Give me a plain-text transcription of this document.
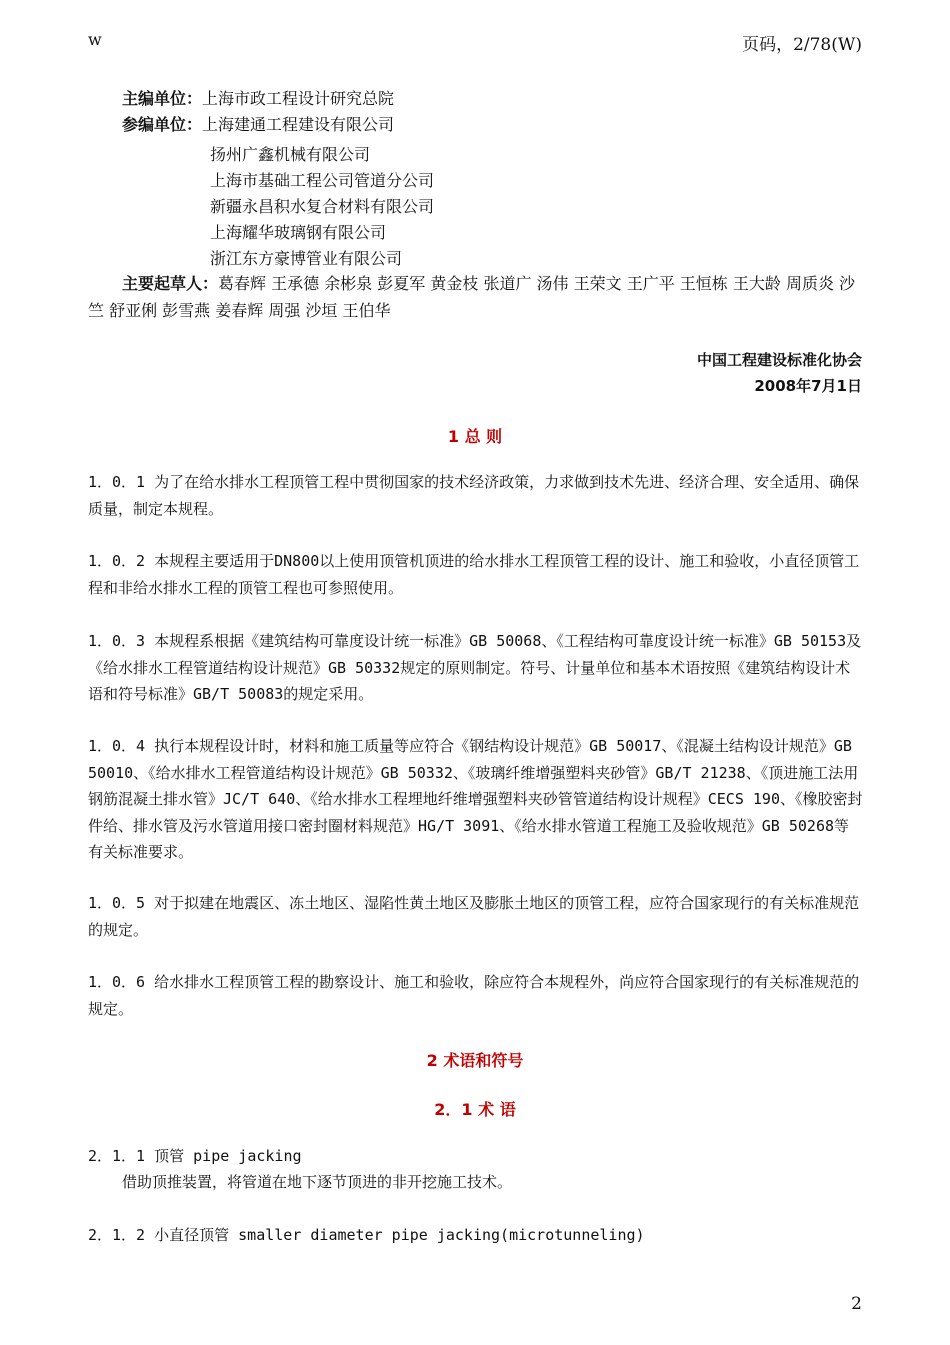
w	页码，2/78(W)
主编单位：上海市政工程设计研究总院
参编单位：上海建通工程建设有限公司
扬州广鑫机械有限公司
上海市基础工程公司管道分公司
新疆永昌积水复合材料有限公司
上海耀华玻璃钢有限公司
浙江东方豪博管业有限公司
主要起草人：葛春辉 王承德 余彬泉 彭夏军 黄金枝 张道广 汤伟 王荣文 王广平 王恒栋 王大龄 周质炎 沙竺 舒亚俐 彭雪燕 姜春辉 周强 沙垣 王伯华
中国工程建设标准化协会
2008年7月1日
1 总 则
1．0．1 为了在给水排水工程顶管工程中贯彻国家的技术经济政策，力求做到技术先进、经济合理、安全适用、确保质量，制定本规程。
1．0．2 本规程主要适用于DN800以上使用顶管机顶进的给水排水工程顶管工程的设计、施工和验收，小直径顶管工程和非给水排水工程的顶管工程也可参照使用。
1．0．3 本规程系根据《建筑结构可靠度设计统一标准》GB 50068、《工程结构可靠度设计统一标准》GB 50153及《给水排水工程管道结构设计规范》GB 50332规定的原则制定。符号、计量单位和基本术语按照《建筑结构设计术语和符号标准》GB/T 50083的规定采用。
1．0．4 执行本规程设计时，材料和施工质量等应符合《钢结构设计规范》GB 50017、《混凝土结构设计规范》GB 50010、《给水排水工程管道结构设计规范》GB 50332、《玻璃纤维增强塑料夹砂管》GB/T 21238、《顶进施工法用钢筋混凝土排水管》JC/T 640、《给水排水工程埋地纤维增强塑料夹砂管管道结构设计规程》CECS 190、《橡胶密封件给、排水管及污水管道用接口密封圈材料规范》HG/T 3091、《给水排水管道工程施工及验收规范》GB 50268等有关标准要求。
1．0．5 对于拟建在地震区、冻土地区、湿陷性黄土地区及膨胀土地区的顶管工程，应符合国家现行的有关标准规范的规定。
1．0．6 给水排水工程顶管工程的勘察设计、施工和验收，除应符合本规程外，尚应符合国家现行的有关标准规范的规定。
2 术语和符号
2．1 术 语
2．1．1 顶管 pipe jacking
借助顶推装置，将管道在地下逐节顶进的非开挖施工技术。
2．1．2 小直径顶管 smaller diameter pipe jacking(microtunneling)
2
